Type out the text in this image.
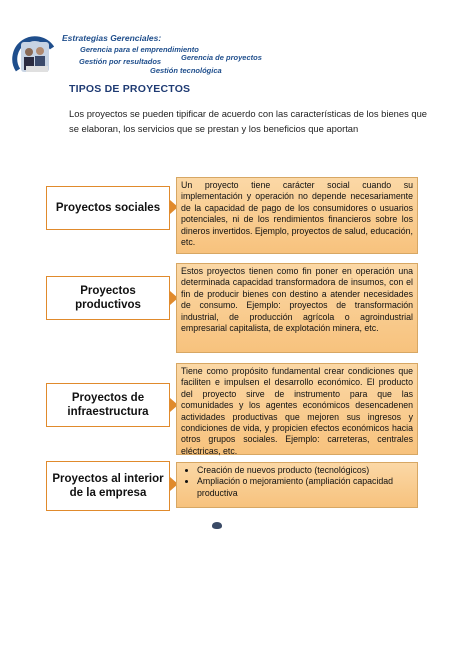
Estrategias Gerenciales:
Gerencia para el emprendimiento
Gerencia de proyectos
Gestión por resultados
Gestión tecnológica
TIPOS DE PROYECTOS
Los proyectos se pueden tipificar de acuerdo con las características de los bienes que se elaboran, los servicios que se prestan y los beneficios que aportan
Proyectos sociales
Un proyecto tiene carácter social cuando su implementación y operación no depende necesariamente de la capacidad de pago de los consumidores o usuarios potenciales, ni de los rendimientos financieros sobre los dineros invertidos. Ejemplo, proyectos de salud, educación, etc.
Proyectos productivos
Estos proyectos tienen como fin poner en operación una determinada capacidad transformadora de insumos, con el fin de producir bienes con destino a atender necesidades de consumo. Ejemplo: proyectos de transformación industrial, de producción agrícola o agroindustrial empresarial capitalista, de explotación minera, etc.
Proyectos de infraestructura
Tiene como propósito fundamental crear condiciones que faciliten e impulsen el desarrollo económico. El producto del proyecto sirve de instrumento para que las comunidades y los agentes económicos desencadenen actividades productivas que mejoren sus ingresos y condiciones de vida, y propicien efectos económicos hacia otros grupos sociales. Ejemplo: carreteras, centrales eléctricas, etc.
Proyectos al interior de la empresa
• Creación de nuevos producto (tecnológicos)
• Ampliación o mejoramiento (ampliación capacidad productiva
